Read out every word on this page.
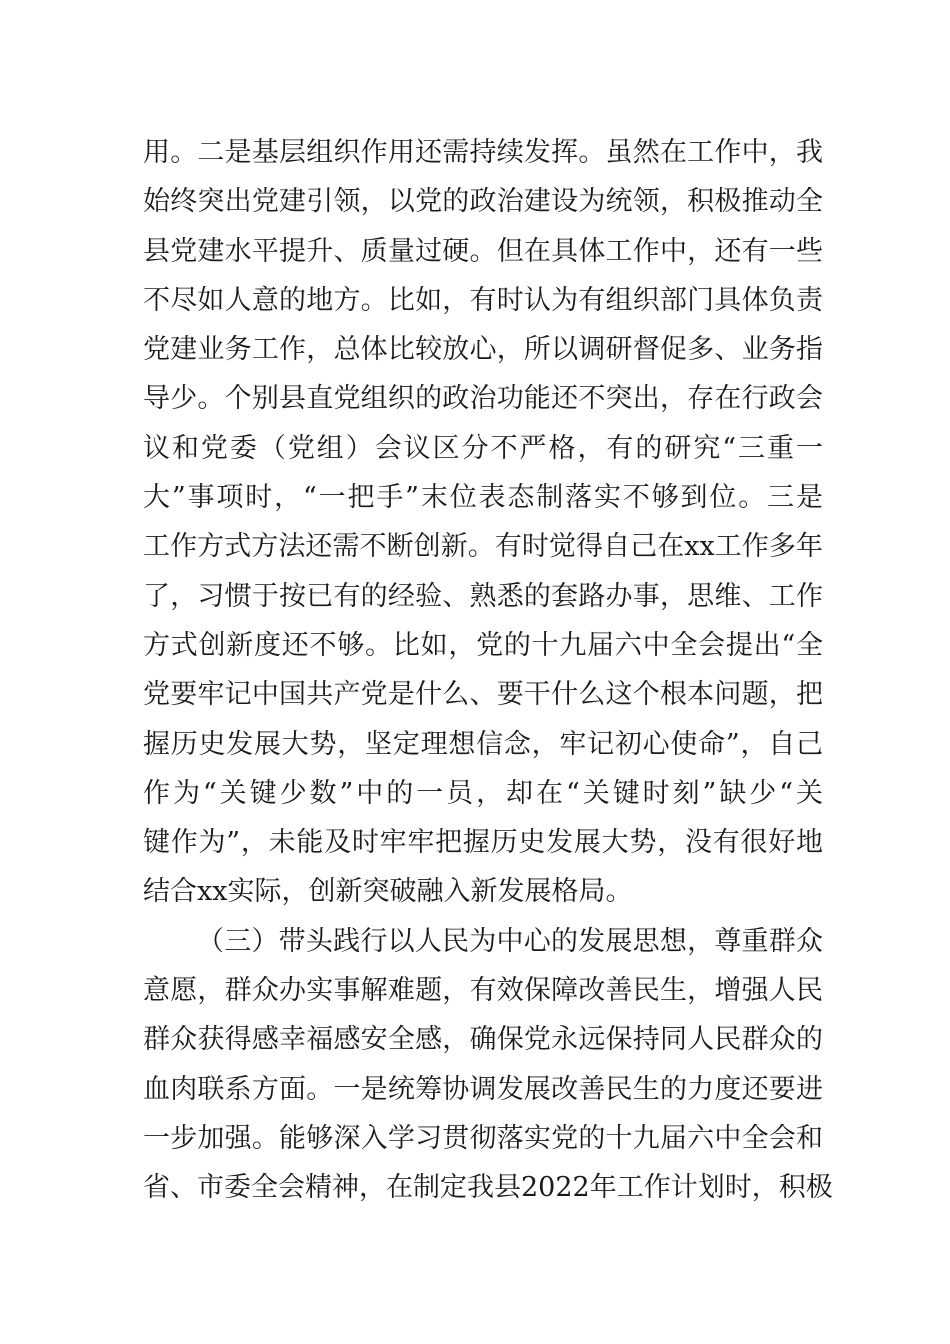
用。二是基层组织作用还需持续发挥。虽然在工作中，我
始终突出党建引领，以党的政治建设为统领，积极推动全
县党建水平提升、质量过硬。但在具体工作中，还有一些
不尽如人意的地方。比如，有时认为有组织部门具体负责
党建业务工作，总体比较放心，所以调研督促多、业务指
导少。个别县直党组织的政治功能还不突出，存在行政会
议和党委（党组）会议区分不严格，有的研究“三重一
大”事项时，“一把手”末位表态制落实不够到位。三是
工作方式方法还需不断创新。有时觉得自己在xx工作多年
了，习惯于按已有的经验、熟悉的套路办事，思维、工作
方式创新度还不够。比如，党的十九届六中全会提出“全
党要牢记中国共产党是什么、要干什么这个根本问题，把
握历史发展大势，坚定理想信念，牢记初心使命”，自己
作为“关键少数”中的一员，却在“关键时刻”缺少“关
键作为”，未能及时牢牢把握历史发展大势，没有很好地
结合xx实际，创新突破融入新发展格局。
（三）带头践行以人民为中心的发展思想，尊重群众
意愿，群众办实事解难题，有效保障改善民生，增强人民
群众获得感幸福感安全感，确保党永远保持同人民群众的
血肉联系方面。一是统筹协调发展改善民生的力度还要进
一步加强。能够深入学习贯彻落实党的十九届六中全会和
省、市委全会精神，在制定我县2022年工作计划时，积极
